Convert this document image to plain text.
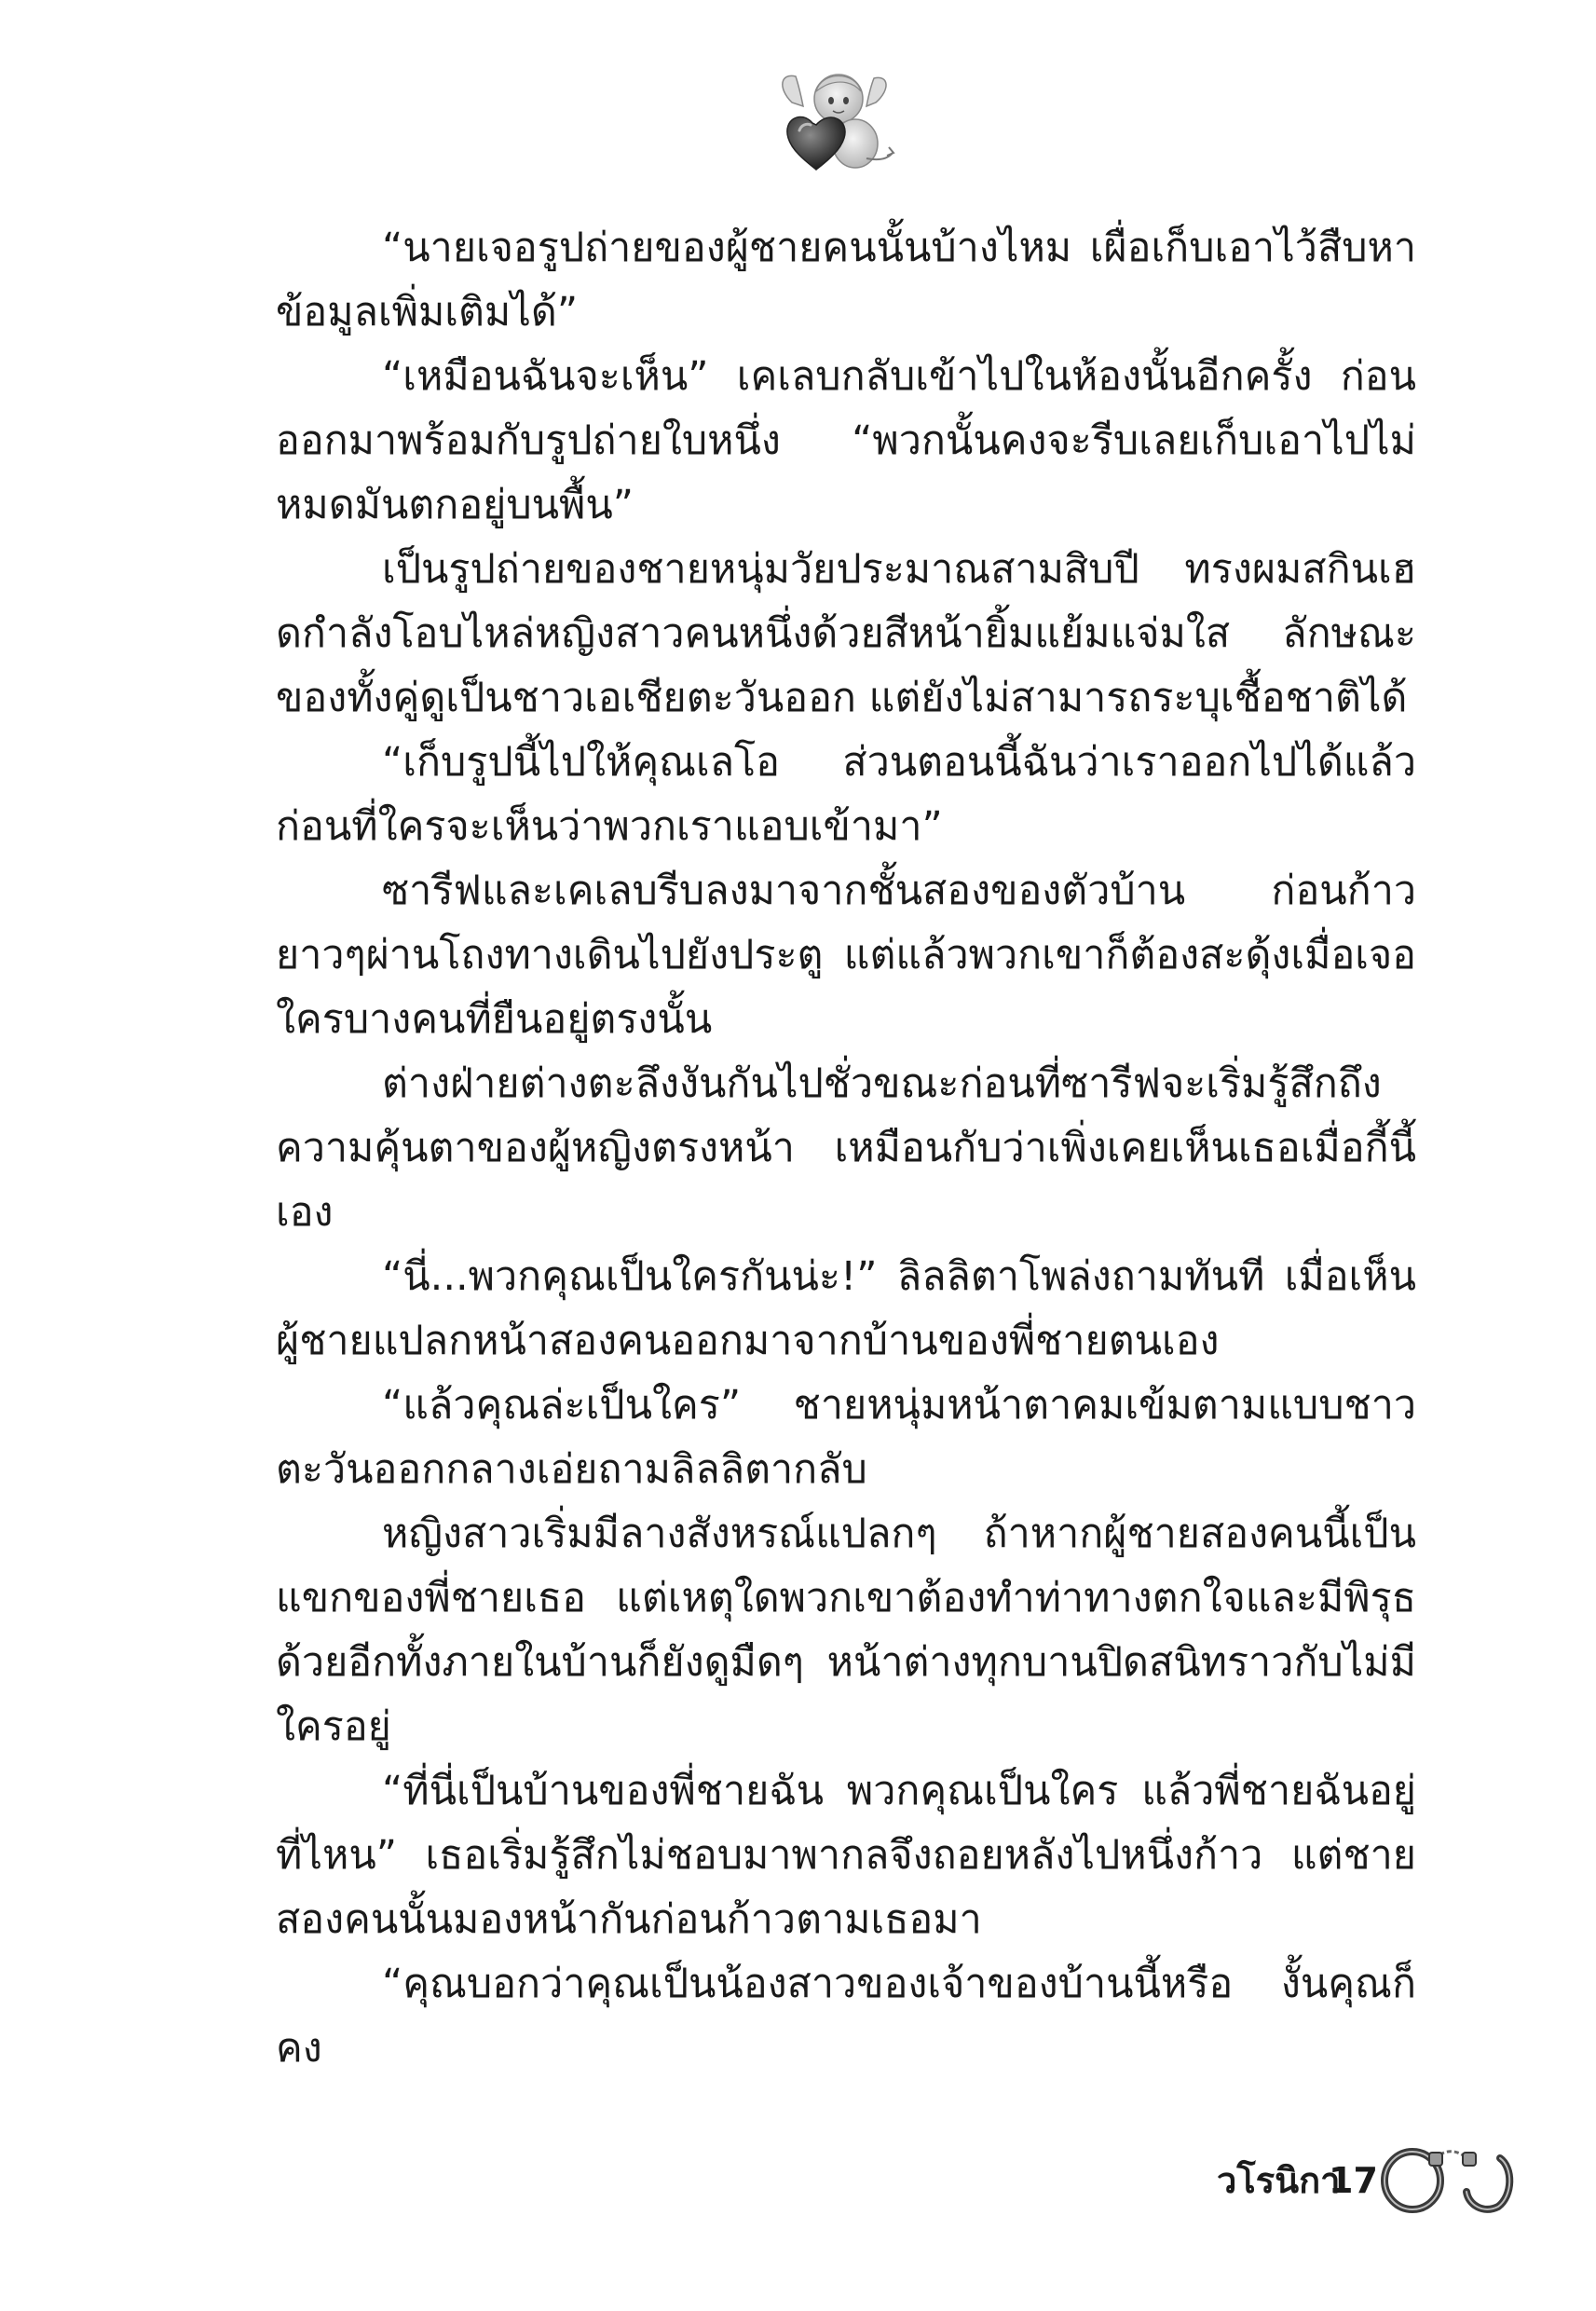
“นายเจอรูปถ่ายของผู้ชายคนนั้นบ้างไหม เผื่อเก็บเอาไว้สืบหาข้อมูลเพิ่มเติมได้”

“เหมือนฉันจะเห็น” เคเลบกลับเข้าไปในห้องนั้นอีกครั้ง ก่อนออกมาพร้อมกับรูปถ่ายใบหนึ่ง “พวกนั้นคงจะรีบเลยเก็บเอาไปไม่หมดมันตกอยู่บนพื้น”

เป็นรูปถ่ายของชายหนุ่มวัยประมาณสามสิบปี ทรงผมสกินเฮดกำลังโอบไหล่หญิงสาวคนหนึ่งด้วยสีหน้ายิ้มแย้มแจ่มใส ลักษณะของทั้งคู่ดูเป็นชาวเอเชียตะวันออก แต่ยังไม่สามารถระบุเชื้อชาติได้

“เก็บรูปนี้ไปให้คุณเลโอ ส่วนตอนนี้ฉันว่าเราออกไปได้แล้วก่อนที่ใครจะเห็นว่าพวกเราแอบเข้ามา”

ซารีฟและเคเลบรีบลงมาจากชั้นสองของตัวบ้าน ก่อนก้าวยาวๆผ่านโถงทางเดินไปยังประตู แต่แล้วพวกเขาก็ต้องสะดุ้งเมื่อเจอใครบางคนที่ยืนอยู่ตรงนั้น

ต่างฝ่ายต่างตะลึงงันกันไปชั่วขณะก่อนที่ซารีฟจะเริ่มรู้สึกถึงความคุ้นตาของผู้หญิงตรงหน้า เหมือนกับว่าเพิ่งเคยเห็นเธอเมื่อกี้นี้เอง

“นี่...พวกคุณเป็นใครกันน่ะ!” ลิลลิตาโพล่งถามทันที เมื่อเห็นผู้ชายแปลกหน้าสองคนออกมาจากบ้านของพี่ชายตนเอง

“แล้วคุณล่ะเป็นใคร” ชายหนุ่มหน้าตาคมเข้มตามแบบชาวตะวันออกกลางเอ่ยถามลิลลิตากลับ

หญิงสาวเริ่มมีลางสังหรณ์แปลกๆ ถ้าหากผู้ชายสองคนนี้เป็นแขกของพี่ชายเธอ แต่เหตุใดพวกเขาต้องทำท่าทางตกใจและมีพิรุธด้วยอีกทั้งภายในบ้านก็ยังดูมืดๆ หน้าต่างทุกบานปิดสนิทราวกับไม่มีใครอยู่

“ที่นี่เป็นบ้านของพี่ชายฉัน พวกคุณเป็นใคร แล้วพี่ชายฉันอยู่ที่ไหน” เธอเริ่มรู้สึกไม่ชอบมาพากลจึงถอยหลังไปหนึ่งก้าว แต่ชายสองคนนั้นมองหน้ากันก่อนก้าวตามเธอมา

“คุณบอกว่าคุณเป็นน้องสาวของเจ้าของบ้านนี้หรือ งั้นคุณก็คง

วโรนิกา
17
